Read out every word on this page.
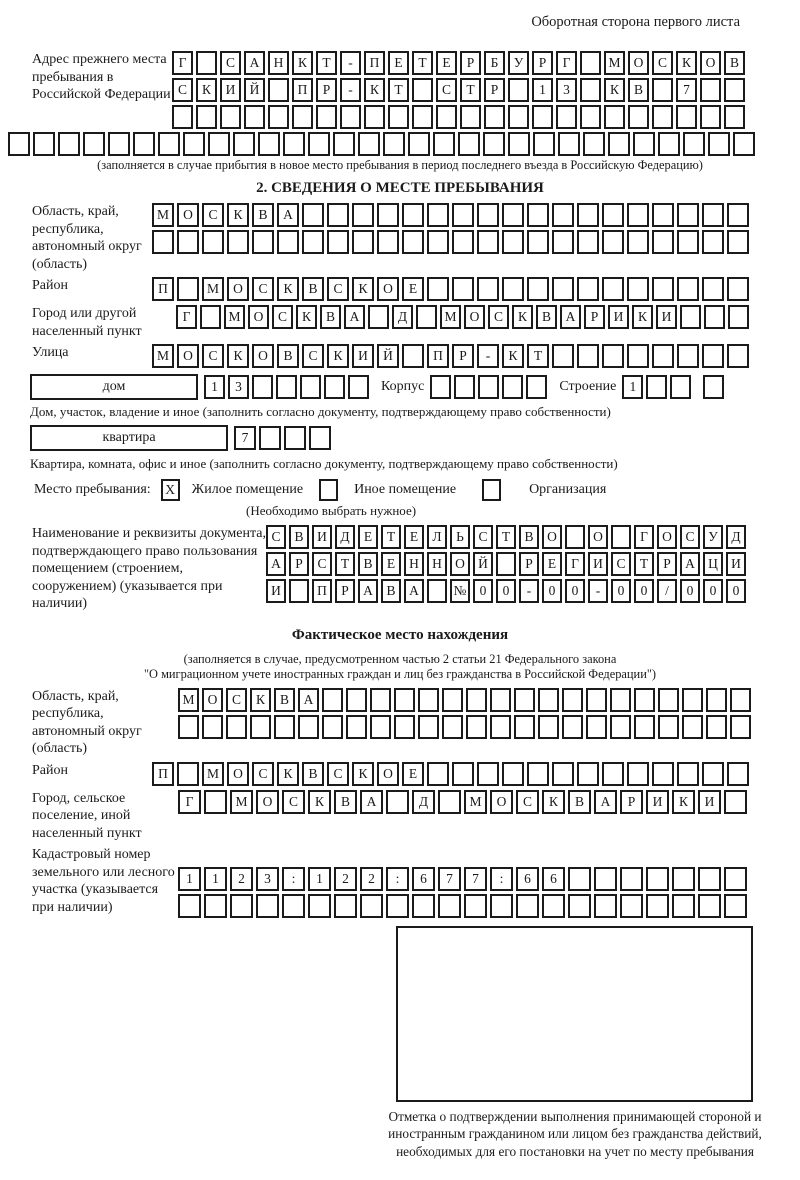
Оборотная сторона первого листа
Адрес прежнего места пребывания в Российской Федерации
Г	С	А	Н	К	Т	-	П	Е	Т	Е	Р	Б	У	Р	Г	М О	С	К	О	В
С	К	И	Й	П	Р	-	К	Т	С	Т	Р	1	3	К	В	7
(заполняется в случае прибытия в новое место пребывания в период последнего въезда в Российскую Федерацию)
2. СВЕДЕНИЯ О МЕСТЕ ПРЕБЫВАНИЯ
Область, край, республика, автономный округ (область)
М	О	С	К	В	А
Район	П	М	О	С	К	В	С	К	О	Е
Город или другой населенный пункт
Г	М О	С	К	В	А	Д	М О	С	К	В	А	Р	И	К	И
Улица	М	О	С	К	О	В	С	К	И	Й	П	Р	-	К	Т
дом	1	3	Корпус	Строение 1
Дом, участок, владение и иное (заполнить согласно документу, подтверждающему право собственности)
квартира	7
Квартира, комната, офис и иное (заполнить согласно документу, подтверждающему право собственности)
Место пребывания:	X	Жилое помещение	Иное помещение	Организация
(Необходимо выбрать нужное)
Наименование и реквизиты документа, подтверждающего право пользования помещением (строением, сооружением) (указывается при наличии)
С	В	И	Д	Е	Т	Е	Л	Ь	С	Т	В	О	О	Г	О	С	У	Д
А	Р	С	Т	В	Е	Н Н О Й	Р	Е	Г	И	С	Т	Р	А Ц И
И	П	Р	А	В	А	№ 0	0	-	0	0	-	0	0	/	0	0	0
Фактическое место нахождения
(заполняется в случае, предусмотренном частью 2 статьи 21 Федерального закона
"О миграционном учете иностранных граждан и лиц без гражданства в Российской Федерации")
Область, край, республика, автономный округ (область)
М О	С	К	В	А
Район	П	М	О	С	К	В	С	К	О	Е
Город, сельское поселение, иной населенный пункт
Г	М	О	С	К	В	А	Д	М	О	С	К	В	А	Р	И	К	И
Кадастровый номер земельного или лесного участка (указывается при наличии)
1	1	2	3	:	1	2	2	:	6	7	7	:	6	6
Отметка о подтверждении выполнения принимающей стороной и иностранным гражданином или лицом без гражданства действий, необходимых для его постановки на учет по месту пребывания
